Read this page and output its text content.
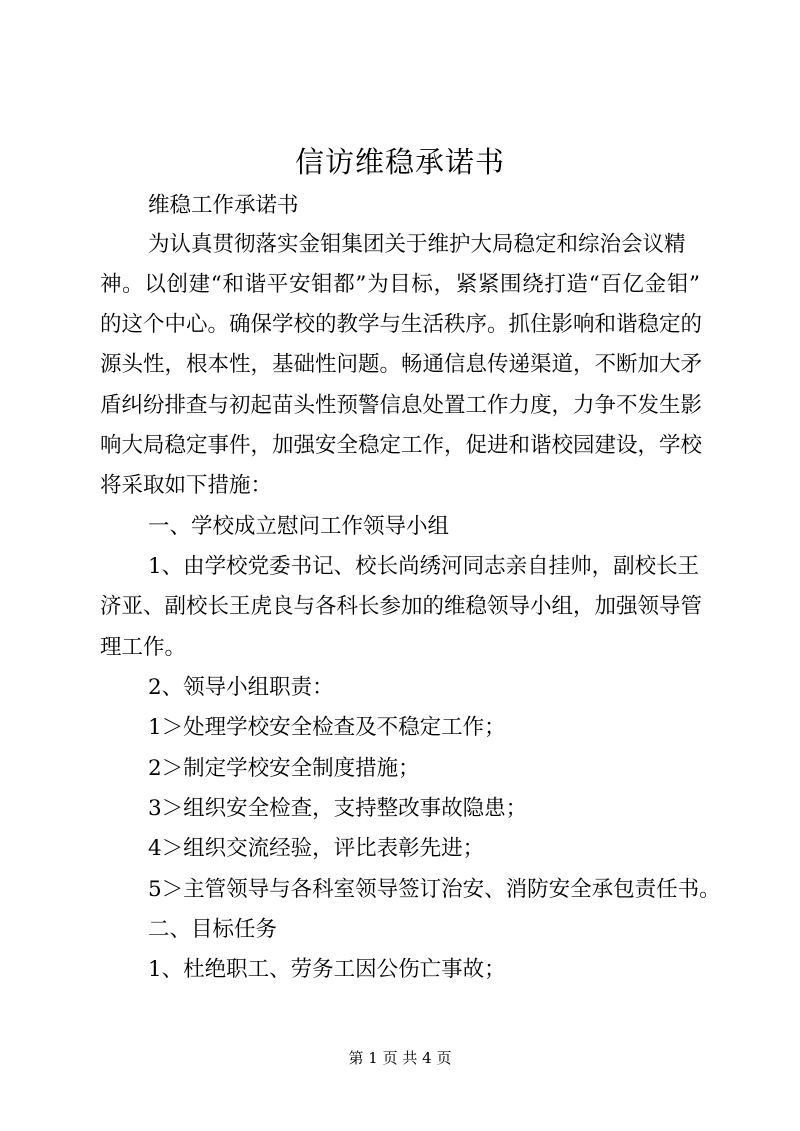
信访维稳承诺书
维稳工作承诺书
为认真贯彻落实金钼集团关于维护大局稳定和综治会议精
神。以创建“和谐平安钼都”为目标，紧紧围绕打造“百亿金钼”
的这个中心。确保学校的教学与生活秩序。抓住影响和谐稳定的
源头性，根本性，基础性问题。畅通信息传递渠道，不断加大矛
盾纠纷排查与初起苗头性预警信息处置工作力度，力争不发生影
响大局稳定事件，加强安全稳定工作，促进和谐校园建设，学校
将采取如下措施：
一、学校成立慰问工作领导小组
1、由学校党委书记、校长尚绣河同志亲自挂帅，副校长王
济亚、副校长王虎良与各科长参加的维稳领导小组，加强领导管
理工作。
2、领导小组职责：
1＞处理学校安全检查及不稳定工作；
2＞制定学校安全制度措施；
3＞组织安全检查，支持整改事故隐患；
4＞组织交流经验，评比表彰先进；
5＞主管领导与各科室领导签订治安、消防安全承包责任书。
二、目标任务
1、杜绝职工、劳务工因公伤亡事故；
第 1 页 共 4 页
